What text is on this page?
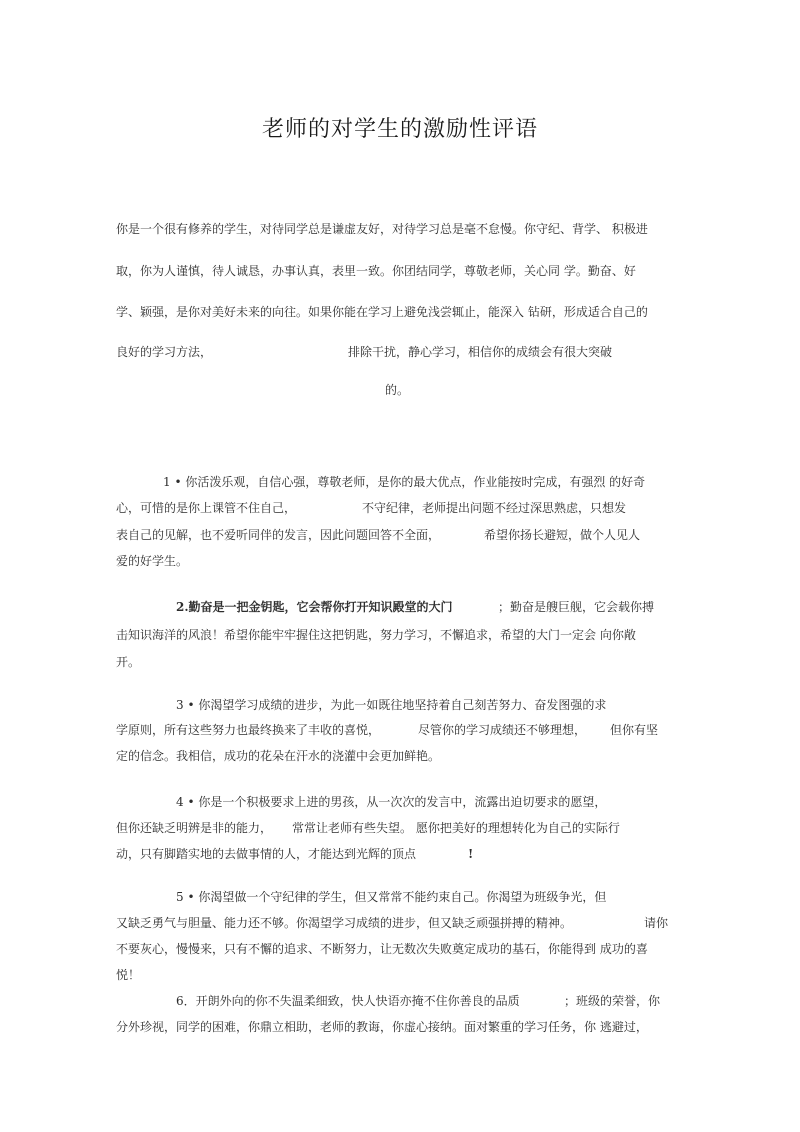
老师的对学生的激励性评语
你是一个很有修养的学生，对待同学总是谦虚友好，对待学习总是毫不怠慢。你守纪、背学、 积极进
取，你为人谨慎，待人诚恳，办事认真，表里一致。你团结同学，尊敬老师，关心同 学。勤奋、好
学、颖强，是你对美好未来的向往。如果你能在学习上避免浅尝辄止，能深入 钻研，形成适合自己的
良好的学习方法，	排除干扰，静心学习，相信你的成绩会有很大突破
的。
1 • 你活泼乐观，自信心强，尊敬老师，是你的最大优点，作业能按时完成，有强烈 的好奇
心，可惜的是你上课管不住自己，	不守纪律，老师提出问题不经过深思熟虑，只想发
表自己的见解，也不爱听同伴的发言，因此问题回答不全面，	希望你扬长避短，做个人见人
爱的好学生。
2.勤奋是一把金钥匙，它会帮你打开知识殿堂的大门	；勤奋是艘巨舰，它会载你搏
击知识海洋的风浪！希望你能牢牢握住这把钥匙，努力学习，不懈追求，希望的大门一定会 向你敞
开。
3 • 你渴望学习成绩的进步，为此一如既往地坚持着自己刻苦努力、奋发图强的求
学原则，所有这些努力也最终换来了丰收的喜悦，	尽管你的学习成绩还不够理想， 但你有坚
定的信念。我相信，成功的花朵在汗水的浇灌中会更加鲜艳。
4 • 你是一个积极要求上进的男孩，从一次次的发言中，流露出迫切要求的愿望，
但你还缺乏明辨是非的能力， 常常让老师有些失望。 愿你把美好的理想转化为自己的实际行
动，只有脚踏实地的去做事情的人，才能达到光辉的顶点	!
5 • 你渴望做一个守纪律的学生，但又常常不能约束自己。你渴望为班级争光，但
又缺乏勇气与胆量、能力还不够。你渴望学习成绩的进步，但又缺乏顽强拼搏的精神。	请你
不要灰心，慢慢来，只有不懈的追求、不断努力，让无数次失败奠定成功的基石，你能得到 成功的喜
悦！
6．开朗外向的你不失温柔细致，快人快语亦掩不住你善良的品质	；班级的荣誉，你
分外珍视，同学的困难，你鼎立相助，老师的教诲，你虚心接纳。面对繁重的学习任务，你 逃避过，
